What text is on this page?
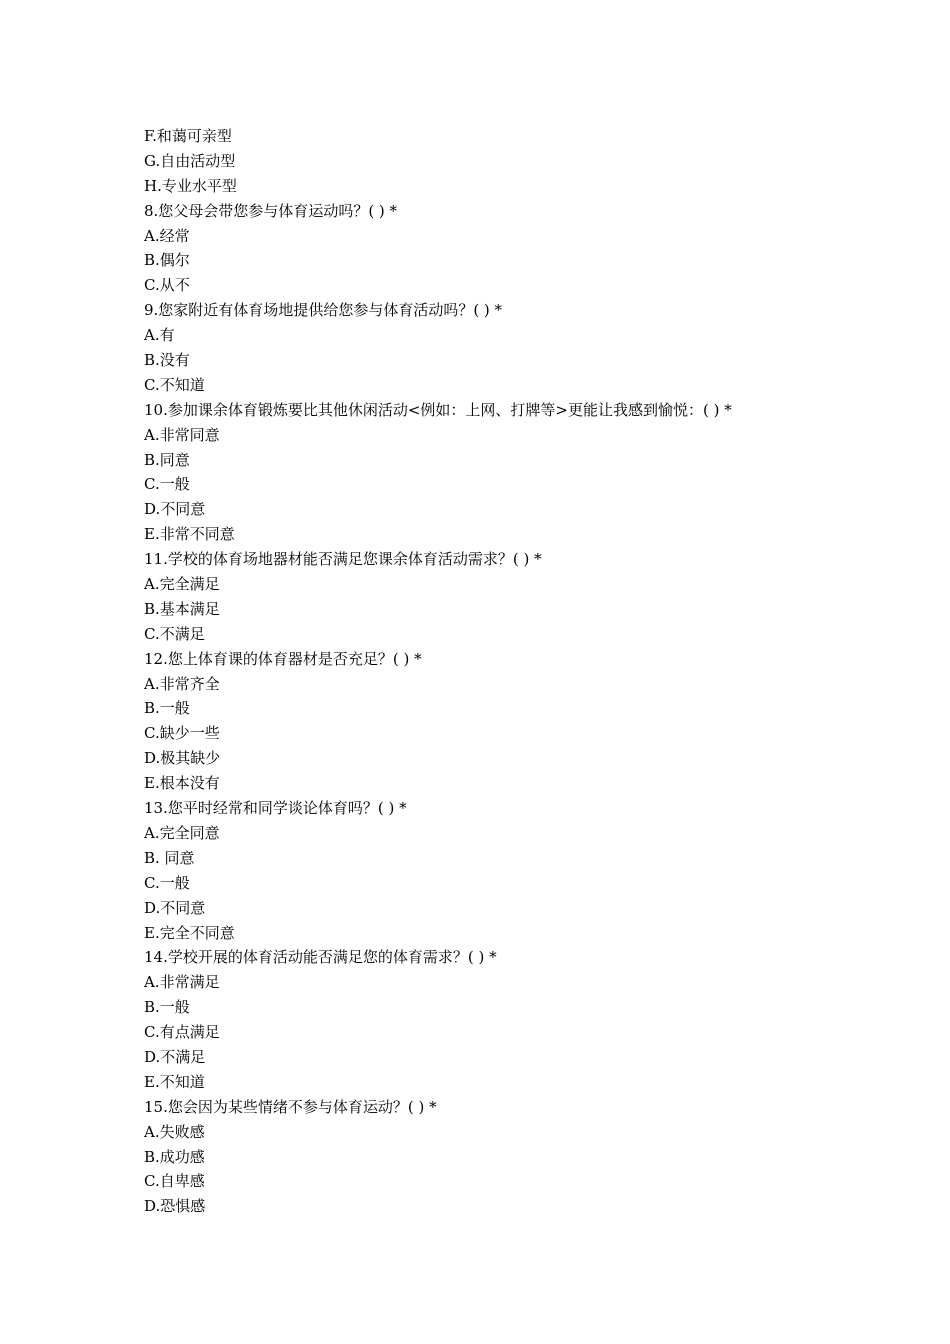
F.和蔼可亲型
G.自由活动型
H.专业水平型
8.您父母会带您参与体育运动吗？( ) *
A.经常
B.偶尔
C.从不
9.您家附近有体育场地提供给您参与体育活动吗？( ) *
A.有
B.没有
C.不知道
10.参加课余体育锻炼要比其他休闲活动<例如：上网、打牌等>更能让我感到愉悦：( ) *
A.非常同意
B.同意
C.一般
D.不同意
E.非常不同意
11.学校的体育场地器材能否满足您课余体育活动需求？( ) *
A.完全满足
B.基本满足
C.不满足
12.您上体育课的体育器材是否充足？( ) *
A.非常齐全
B.一般
C.缺少一些
D.极其缺少
E.根本没有
13.您平时经常和同学谈论体育吗？( ) *
A.完全同意
B. 同意
C.一般
D.不同意
E.完全不同意
14.学校开展的体育活动能否满足您的体育需求？( ) *
A.非常满足
B.一般
C.有点满足
D.不满足
E.不知道
15.您会因为某些情绪不参与体育运动？( ) *
A.失败感
B.成功感
C.自卑感
D.恐惧感
